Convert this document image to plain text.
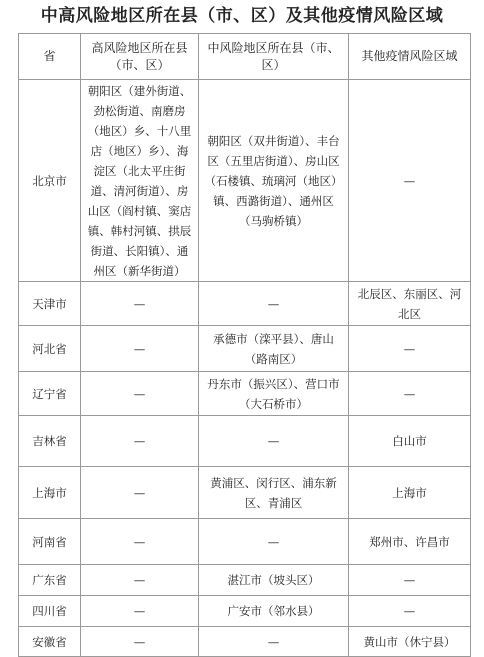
中高风险地区所在县（市、区）及其他疫情风险区域
省	高风险地区所在县（市、区）	中风险地区所在县（市、区）	其他疫情风险区域
北京市	朝阳区（建外街道、劲松街道、南磨房（地区）乡、十八里店（地区）乡）、海淀区（北太平庄街道、清河街道）、房山区（阎村镇、窦店镇、韩村河镇、拱辰街道、长阳镇）、通州区（新华街道）	朝阳区（双井街道）、丰台区（五里店街道）、房山区（石楼镇、琉璃河（地区）镇、西潞街道）、通州区（马驹桥镇）	—
天津市	—	—	北辰区、东丽区、河北区
河北省	—	承德市（滦平县）、唐山（路南区）	—
辽宁省	—	丹东市（振兴区）、营口市（大石桥市）	—
吉林省	—	—	白山市
上海市	—	黄浦区、闵行区、浦东新区、青浦区	上海市
河南省	—	—	郑州市、许昌市
广东省	—	湛江市（坡头区）	—
四川省	—	广安市（邻水县）	—
安徽省	—	—	黄山市（休宁县）
